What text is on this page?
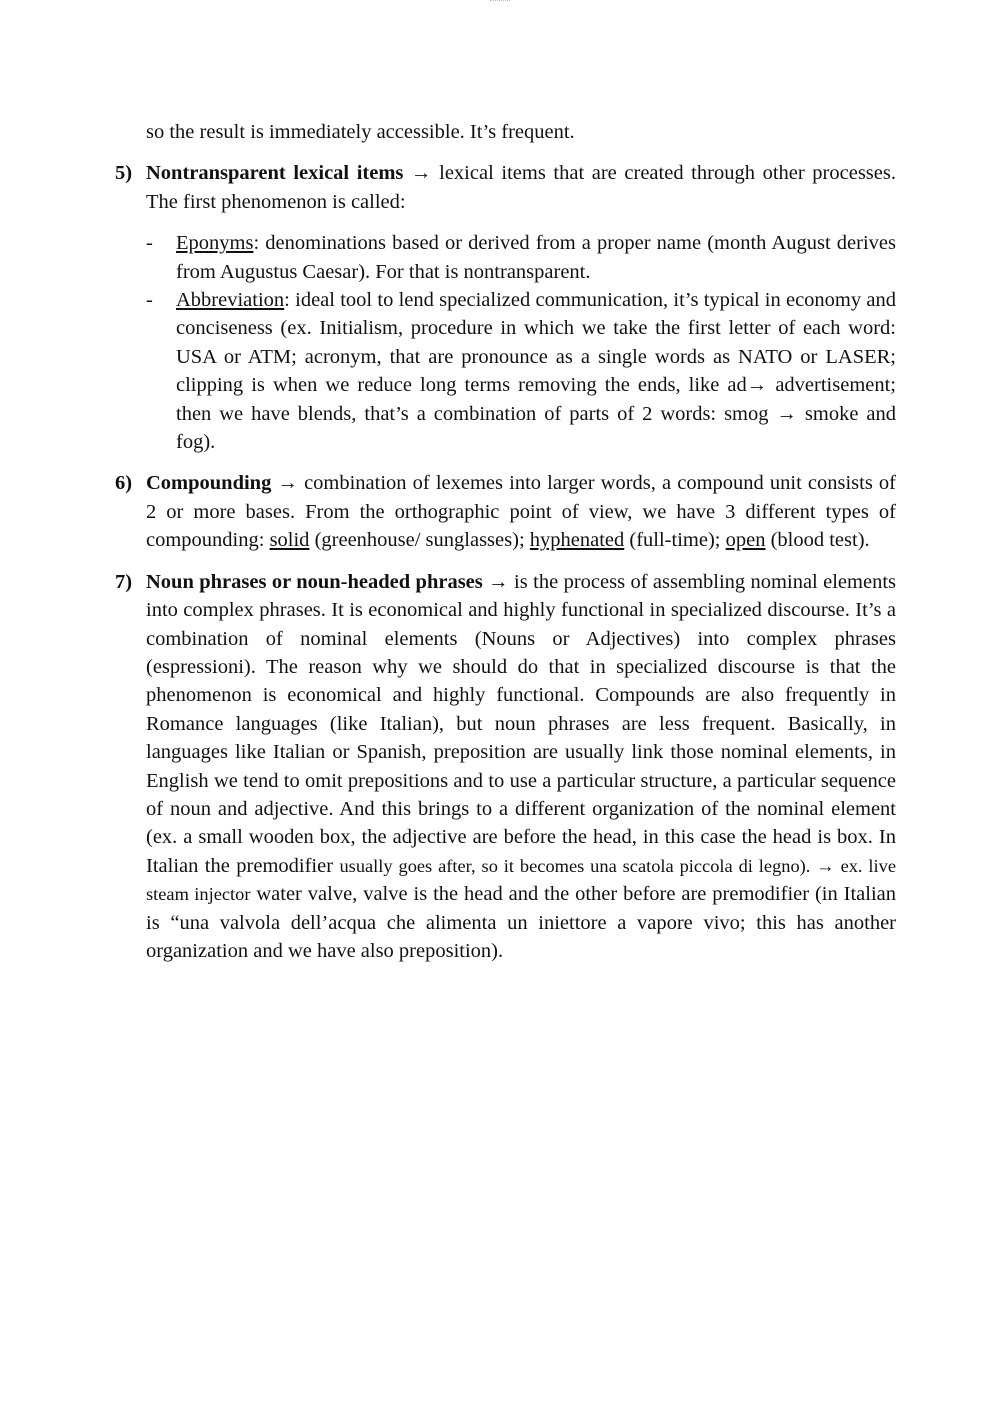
so the result is immediately accessible. It’s frequent.

5) Nontransparent lexical items → lexical items that are created through other processes. The first phenomenon is called:

- Eponyms: denominations based or derived from a proper name (month August derives from Augustus Caesar). For that is nontransparent.

- Abbreviation: ideal tool to lend specialized communication, it’s typical in economy and conciseness (ex. Initialism, procedure in which we take the first letter of each word: USA or ATM; acronym, that are pronounce as a single words as NATO or LASER; clipping is when we reduce long terms removing the ends, like ad→ advertisement; then we have blends, that’s a combination of parts of 2 words: smog → smoke and fog).

6) Compounding → combination of lexemes into larger words, a compound unit consists of 2 or more bases. From the orthographic point of view, we have 3 different types of compounding: solid (greenhouse/ sunglasses); hyphenated (full-time); open (blood test).
7) Noun phrases or noun-headed phrases → is the process of assembling nominal elements into complex phrases. It is economical and highly functional in specialized discourse. It’s a combination of nominal elements (Nouns or Adjectives) into complex phrases (espressioni). The reason why we should do that in specialized discourse is that the phenomenon is economical and highly functional. Compounds are also frequently in Romance languages (like Italian), but noun phrases are less frequent. Basically, in languages like Italian or Spanish, preposition are usually link those nominal elements, in English we tend to omit prepositions and to use a particular structure, a particular sequence of noun and adjective. And this brings to a different organization of the nominal element (ex. a small wooden box, the adjective are before the head, in this case the head is box. In Italian the premodifier usually goes after, so it becomes una scatola piccola di legno). → ex. live steam injector water valve, valve is the head and the other before are premodifier (in Italian is “una valvola dell’acqua che alimenta un iniettore a vapore vivo; this has another organization and we have also preposition).
